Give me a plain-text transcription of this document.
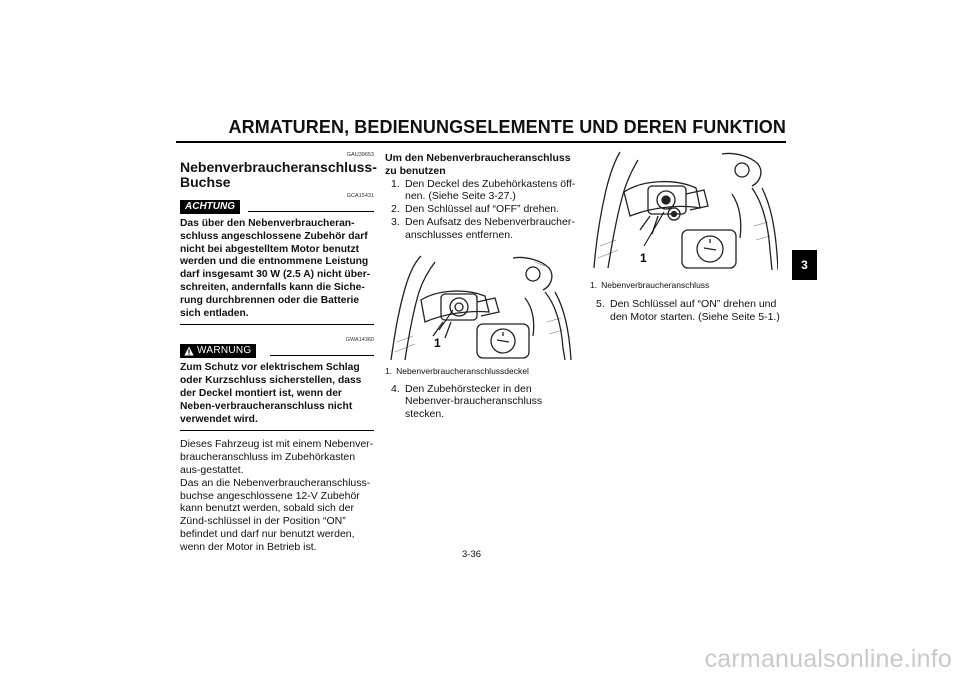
ARMATUREN, BEDIENUNGSELEMENTE UND DEREN FUNKTION
3
GAU39653
Nebenverbraucheranschluss-Buchse
GCA15431
ACHTUNG
Das über den Nebenverbraucheran-schluss angeschlossene Zubehör darf nicht bei abgestelltem Motor benutzt werden und die entnommene Leistung darf insgesamt 30 W (2.5 A) nicht über-schreiten, andernfalls kann die Siche-rung durchbrennen oder die Batterie sich entladen.
GWA14360
WARNUNG
Zum Schutz vor elektrischem Schlag oder Kurzschluss sicherstellen, dass der Deckel montiert ist, wenn der Neben-verbraucheranschluss nicht verwendet wird.

Dieses Fahrzeug ist mit einem Nebenver-braucheranschluss im Zubehörkasten aus-gestattet.

Das an die Nebenverbraucheranschluss-buchse angeschlossene 12-V Zubehör kann benutzt werden, sobald sich der Zünd-schlüssel in der Position “ON” befindet und darf nur benutzt werden, wenn der Motor in Betrieb ist.

Um den Nebenverbraucheranschluss zu benutzen
1. Den Deckel des Zubehörkastens öff-nen. (Siehe Seite 3-27.)
2. Den Schlüssel auf “OFF” drehen.
3. Den Aufsatz des Nebenverbraucher-anschlusses entfernen.
1
1. Nebenverbraucheranschlussdeckel
4. Den Zubehörstecker in den Nebenver-braucheranschluss stecken.
1
1. Nebenverbraucheranschluss
5. Den Schlüssel auf “ON” drehen und den Motor starten. (Siehe Seite 5-1.)
3-36
carmanualsonline.info
